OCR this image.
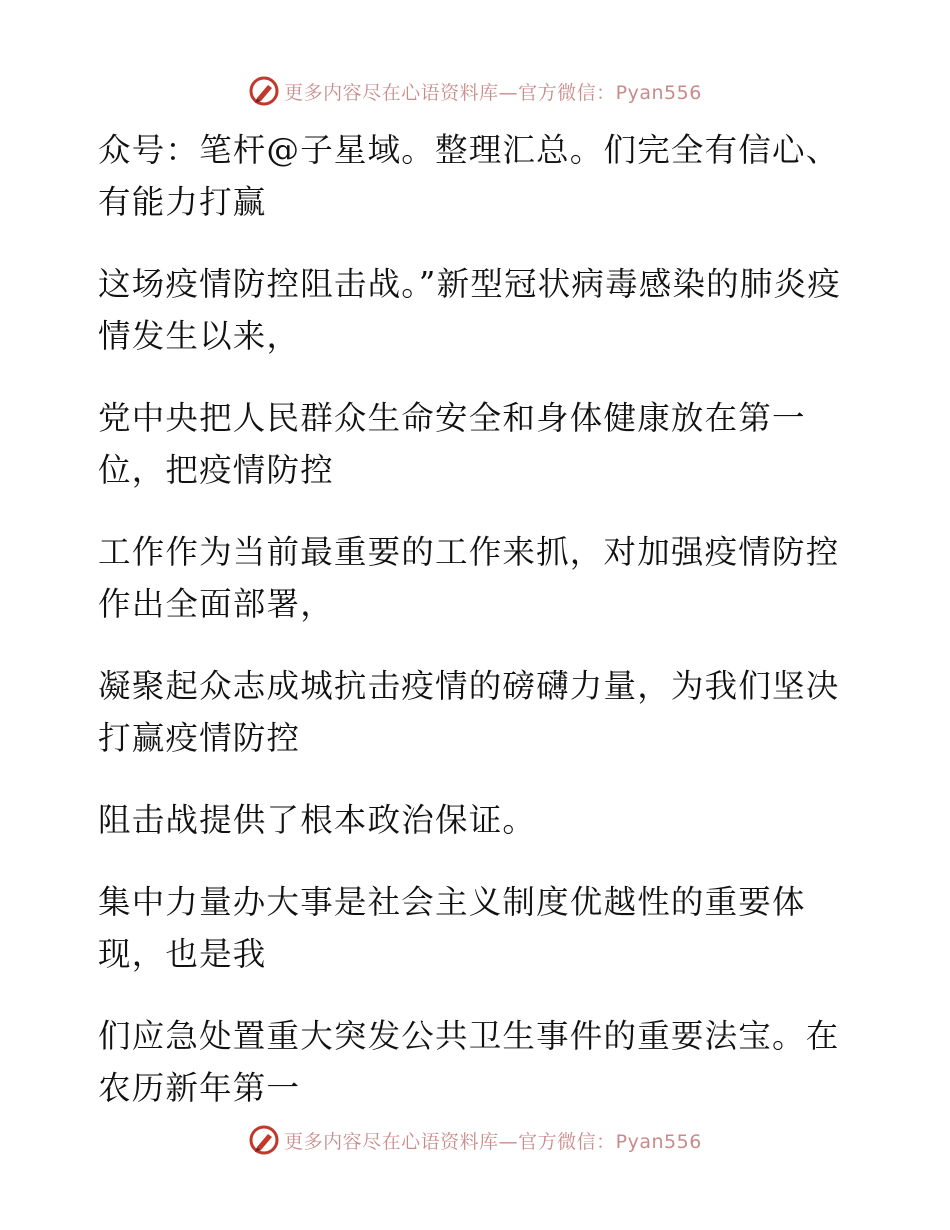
更多内容尽在心语资料库—官方微信：Pyan556

众号：笔杆@子星域。整理汇总。们完全有信心、有能力打赢

这场疫情防控阻击战。”新型冠状病毒感染的肺炎疫情发生以来，

党中央把人民群众生命安全和身体健康放在第一位，把疫情防控

工作作为当前最重要的工作来抓，对加强疫情防控作出全面部署，

凝聚起众志成城抗击疫情的磅礴力量，为我们坚决打赢疫情防控

阻击战提供了根本政治保证。

集中力量办大事是社会主义制度优越性的重要体现，也是我

们应急处置重大突发公共卫生事件的重要法宝。在农历新年第一

更多内容尽在心语资料库—官方微信：Pyan556
